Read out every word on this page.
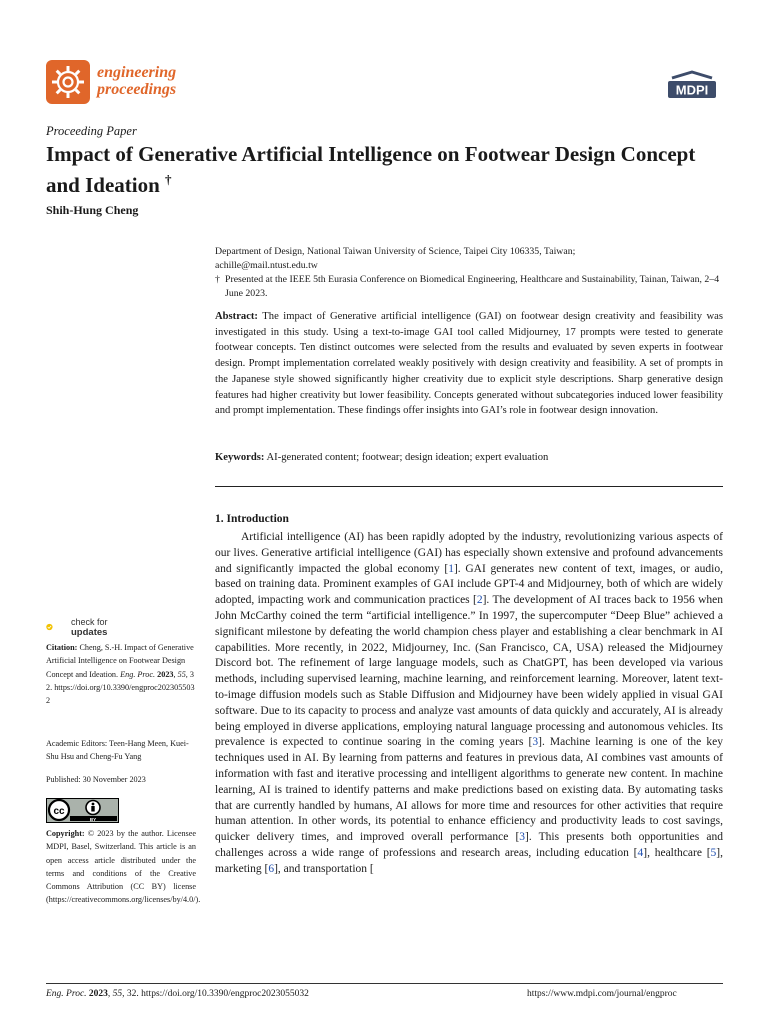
engineering
proceedings	MDPI
Proceeding Paper
Impact of Generative Artificial Intelligence on Footwear Design Concept and Ideation †
Shih-Hung Cheng
Department of Design, National Taiwan University of Science, Taipei City 106335, Taiwan;
achille@mail.ntust.edu.tw
† Presented at the IEEE 5th Eurasia Conference on Biomedical Engineering, Healthcare and Sustainability, Tainan, Taiwan, 2–4 June 2023.
Abstract: The impact of Generative artificial intelligence (GAI) on footwear design creativity and feasibility was investigated in this study. Using a text-to-image GAI tool called Midjourney, 17 prompts were tested to generate footwear concepts. Ten distinct outcomes were selected from the results and evaluated by seven experts in footwear design. Prompt implementation correlated weakly positively with design creativity and feasibility. A set of prompts in the Japanese style showed significantly higher creativity due to explicit style descriptions. Sharp generative design features had higher creativity but lower feasibility. Concepts generated without subcategories induced lower feasibility and prompt implementation. These findings offer insights into GAI’s role in footwear design innovation.
Keywords: AI-generated content; footwear; design ideation; expert evaluation
1. Introduction

Artificial intelligence (AI) has been rapidly adopted by the industry, revolutionizing various aspects of our lives. Generative artificial intelligence (GAI) has especially shown extensive and profound advancements and significantly impacted the global economy [1]. GAI generates new content of text, images, or audio, based on training data. Prominent examples of GAI include GPT-4 and Midjourney, both of which are widely adopted, impacting work and communication practices [2]. The development of AI traces back to 1956 when John McCarthy coined the term “artificial intelligence.” In 1997, the supercomputer “Deep Blue” achieved a significant milestone by defeating the world champion chess player and establishing a clear benchmark in AI capabilities. More recently, in 2022, Midjourney, Inc. (San Francisco, CA, USA) released the Midjourney Discord bot. The refinement of large language models, such as ChatGPT, has been developed via various methods, including supervised learning, machine learning, and reinforcement learning. Moreover, latent text-to-image diffusion models such as Stable Diffusion and Midjourney have been widely applied in visual GAI software. Due to its capacity to process and analyze vast amounts of data quickly and accurately, AI is already being employed in diverse applications, employing natural language processing and autonomous vehicles. Its prevalence is expected to continue soaring in the coming years [3]. Machine learning is one of the key techniques used in AI. By learning from patterns and features in previous data, AI combines vast amounts of information with fast and iterative processing and intelligent algorithms to generate new content. In machine learning, AI is trained to identify patterns and make predictions based on existing data. By automating tasks that are currently handled by humans, AI allows for more time and resources for other activities that require human attention. In other words, its potential to enhance efficiency and productivity leads to cost savings, quicker delivery times, and improved overall performance [3]. This presents both opportunities and challenges across a wide range of professions and research areas, including education [4], healthcare [5], marketing [6], and transportation [

check for
updates
Citation: Cheng, S.-H. Impact of Generative Artificial Intelligence on Footwear Design Concept and Ideation. Eng. Proc. 2023, 55, 32. https://doi.org/10.3390/engproc2023055032
Academic Editors: Teen-Hang Meen, Kuei-Shu Hsu and Cheng-Fu Yang
Published: 30 November 2023
cc
BY
Copyright: © 2023 by the author. Licensee MDPI, Basel, Switzerland. This article is an open access article distributed under the terms and conditions of the Creative Commons Attribution (CC BY) license (https://creativecommons.org/licenses/by/4.0/).
Eng. Proc. 2023, 55, 32. https://doi.org/10.3390/engproc2023055032	https://www.mdpi.com/journal/engproc
